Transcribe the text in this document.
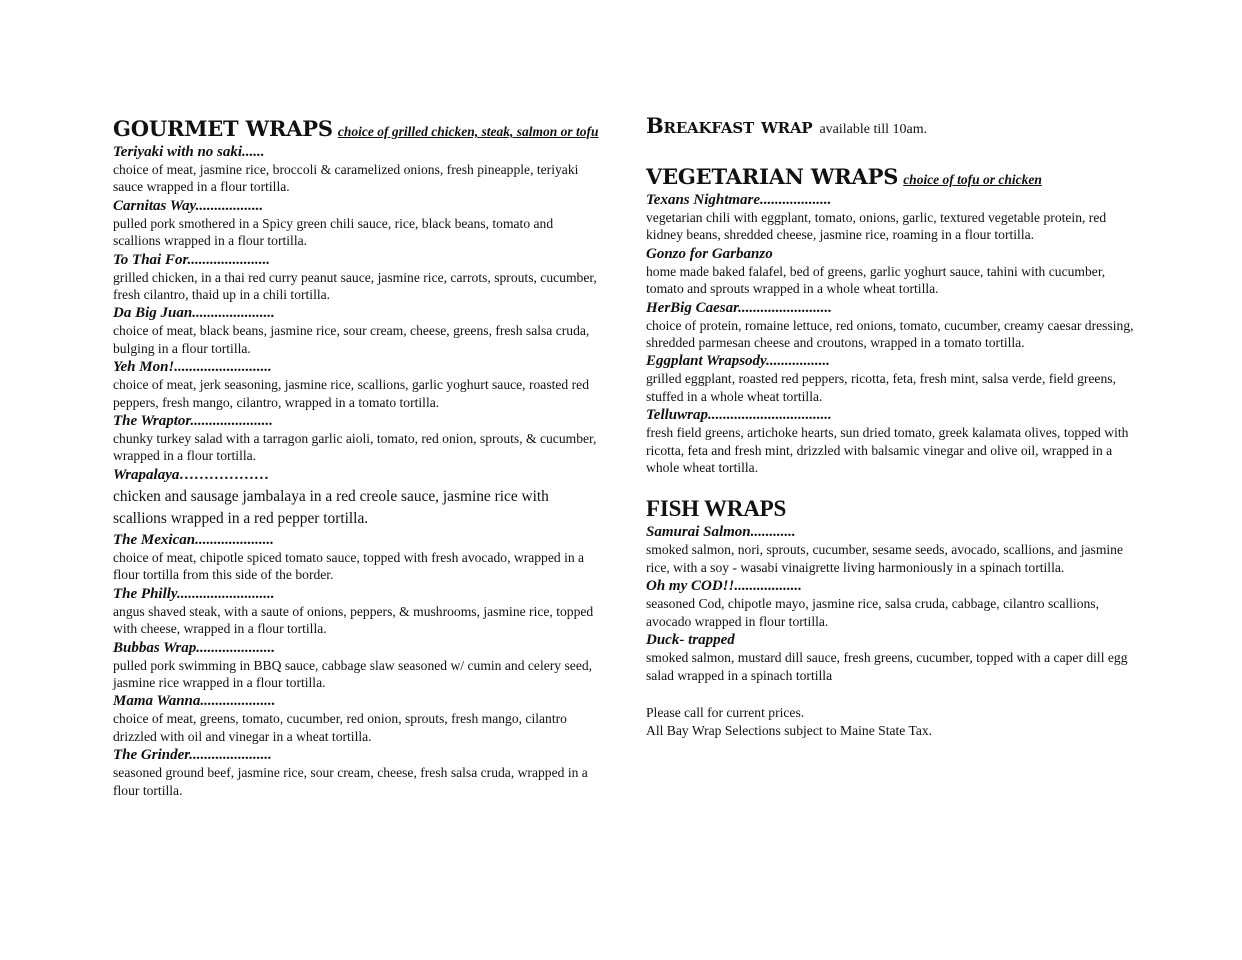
GOURMET WRAPS choice of grilled chicken, steak, salmon or tofu
Teriyaki with no saki......
choice of meat, jasmine rice, broccoli & caramelized onions, fresh pineapple, teriyaki sauce wrapped in a flour tortilla.
Carnitas Way..................
pulled pork smothered in a Spicy green chili sauce, rice, black beans, tomato and scallions wrapped in a flour tortilla.
To Thai For......................
grilled chicken, in a thai red curry peanut sauce, jasmine rice, carrots, sprouts, cucumber, fresh cilantro, thaid up in a chili tortilla.
Da Big Juan......................
choice of meat, black beans, jasmine rice, sour cream, cheese, greens, fresh salsa cruda, bulging in a flour tortilla.
Yeh Mon!..........................
choice of meat, jerk seasoning, jasmine rice, scallions, garlic yoghurt sauce, roasted red peppers, fresh mango, cilantro, wrapped in a tomato tortilla.
The Wraptor......................
chunky turkey salad with a tarragon garlic aioli, tomato, red onion, sprouts, & cucumber, wrapped in a flour tortilla.
Wrapalaya………………
chicken and sausage jambalaya in a red creole sauce, jasmine rice with scallions wrapped in a red pepper tortilla.
The Mexican.....................
choice of meat, chipotle spiced tomato sauce, topped with fresh avocado, wrapped in a flour tortilla from this side of the border.
The Philly..........................
angus shaved steak, with a saute of onions, peppers, & mushrooms, jasmine rice, topped with cheese, wrapped in a flour tortilla.
Bubbas Wrap.....................
pulled pork swimming in BBQ sauce, cabbage slaw seasoned w/ cumin and celery seed, jasmine rice wrapped in a flour tortilla.
Mama Wanna....................
choice of meat, greens, tomato, cucumber, red onion, sprouts, fresh mango, cilantro drizzled with oil and vinegar in a wheat tortilla.
The Grinder......................
seasoned ground beef, jasmine rice, sour cream, cheese, fresh salsa cruda, wrapped in a flour tortilla.
Breakfast wrap available till 10am.
VEGETARIAN WRAPS choice of tofu or chicken
Texans Nightmare...................
vegetarian chili with eggplant, tomato, onions, garlic, textured vegetable protein, red kidney beans, shredded cheese, jasmine rice, roaming in a flour tortilla.
Gonzo for Garbanzo
home made baked falafel, bed of greens, garlic yoghurt sauce, tahini with cucumber, tomato and sprouts wrapped in a whole wheat tortilla.
HerBig Caesar.........................
choice of protein, romaine lettuce, red onions, tomato, cucumber, creamy caesar dressing, shredded parmesan cheese and croutons, wrapped in a tomato tortilla.
Eggplant Wrapsody.................
grilled eggplant, roasted red peppers, ricotta, feta, fresh mint, salsa verde, field greens, stuffed in a whole wheat tortilla.
Telluwrap.................................
fresh field greens, artichoke hearts, sun dried tomato, greek kalamata olives, topped with ricotta, feta and fresh mint, drizzled with balsamic vinegar and olive oil, wrapped in a whole wheat tortilla.
FISH WRAPS
Samurai Salmon............
smoked salmon, nori, sprouts, cucumber, sesame seeds, avocado, scallions, and jasmine rice, with a soy - wasabi vinaigrette living harmoniously in a spinach tortilla.
Oh my COD!!..................
seasoned Cod, chipotle mayo, jasmine rice, salsa cruda, cabbage, cilantro scallions, avocado wrapped in flour tortilla.
Duck- trapped
smoked salmon, mustard dill sauce, fresh greens, cucumber, topped with a caper dill egg salad wrapped in a spinach tortilla
Please call for current prices.
All Bay Wrap Selections subject to Maine State Tax.
